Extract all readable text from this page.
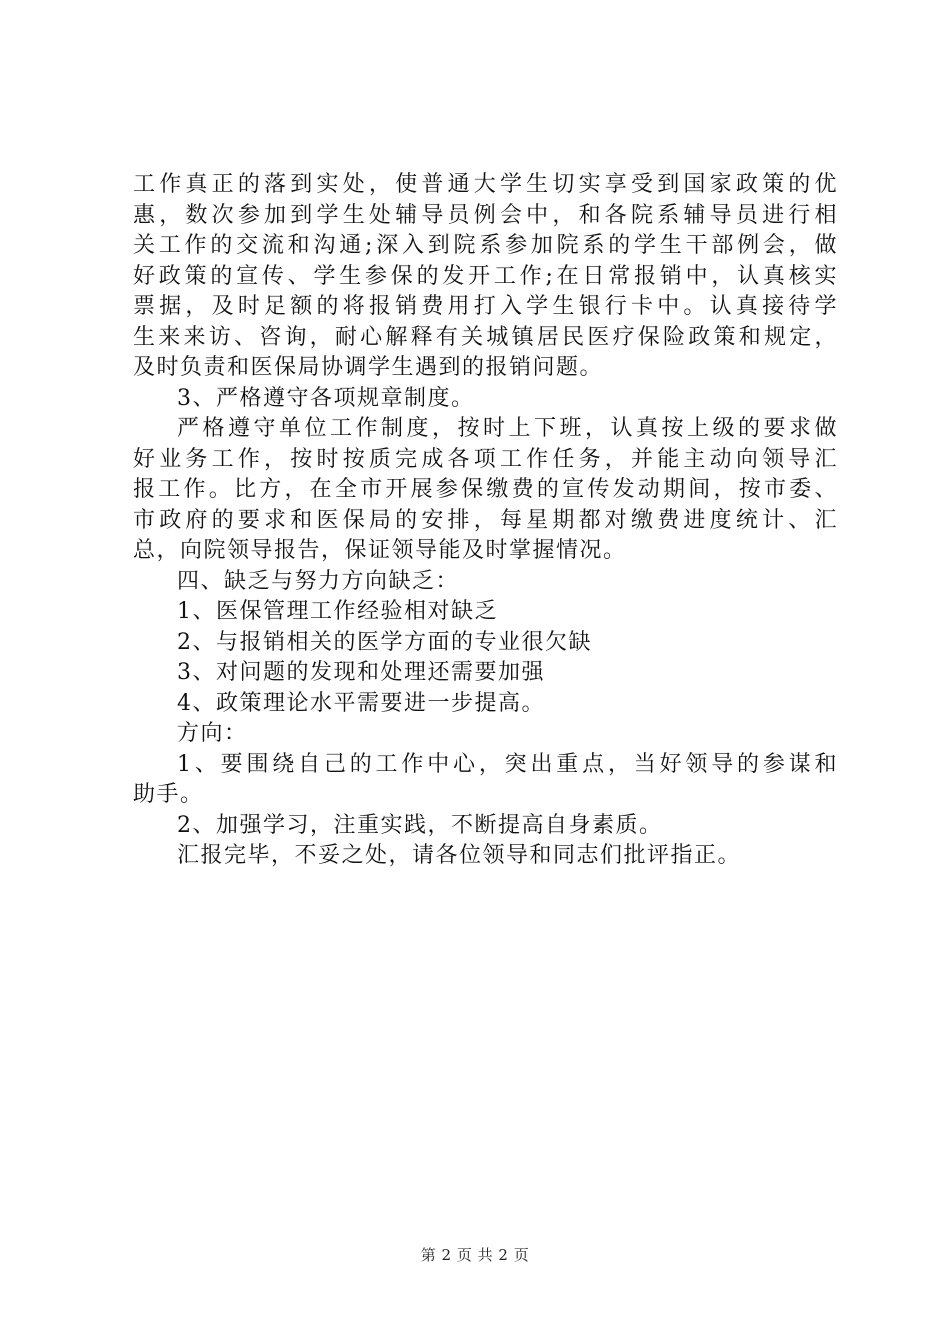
工作真正的落到实处，使普通大学生切实享受到国家政策的优
惠，数次参加到学生处辅导员例会中，和各院系辅导员进行相
关工作的交流和沟通;深入到院系参加院系的学生干部例会，做
好政策的宣传、学生参保的发开工作;在日常报销中，认真核实
票据，及时足额的将报销费用打入学生银行卡中。认真接待学
生来来访、咨询，耐心解释有关城镇居民医疗保险政策和规定，
及时负责和医保局协调学生遇到的报销问题。
3、严格遵守各项规章制度。
严格遵守单位工作制度，按时上下班，认真按上级的要求做
好业务工作，按时按质完成各项工作任务，并能主动向领导汇
报工作。比方，在全市开展参保缴费的宣传发动期间，按市委、
市政府的要求和医保局的安排，每星期都对缴费进度统计、汇
总，向院领导报告，保证领导能及时掌握情况。
四、缺乏与努力方向缺乏：
1、医保管理工作经验相对缺乏
2、与报销相关的医学方面的专业很欠缺
3、对问题的发现和处理还需要加强
4、政策理论水平需要进一步提高。
方向：
1、要围绕自己的工作中心，突出重点，当好领导的参谋和
助手。
2、加强学习，注重实践，不断提高自身素质。
汇报完毕，不妥之处，请各位领导和同志们批评指正。
第 2 页 共 2 页
